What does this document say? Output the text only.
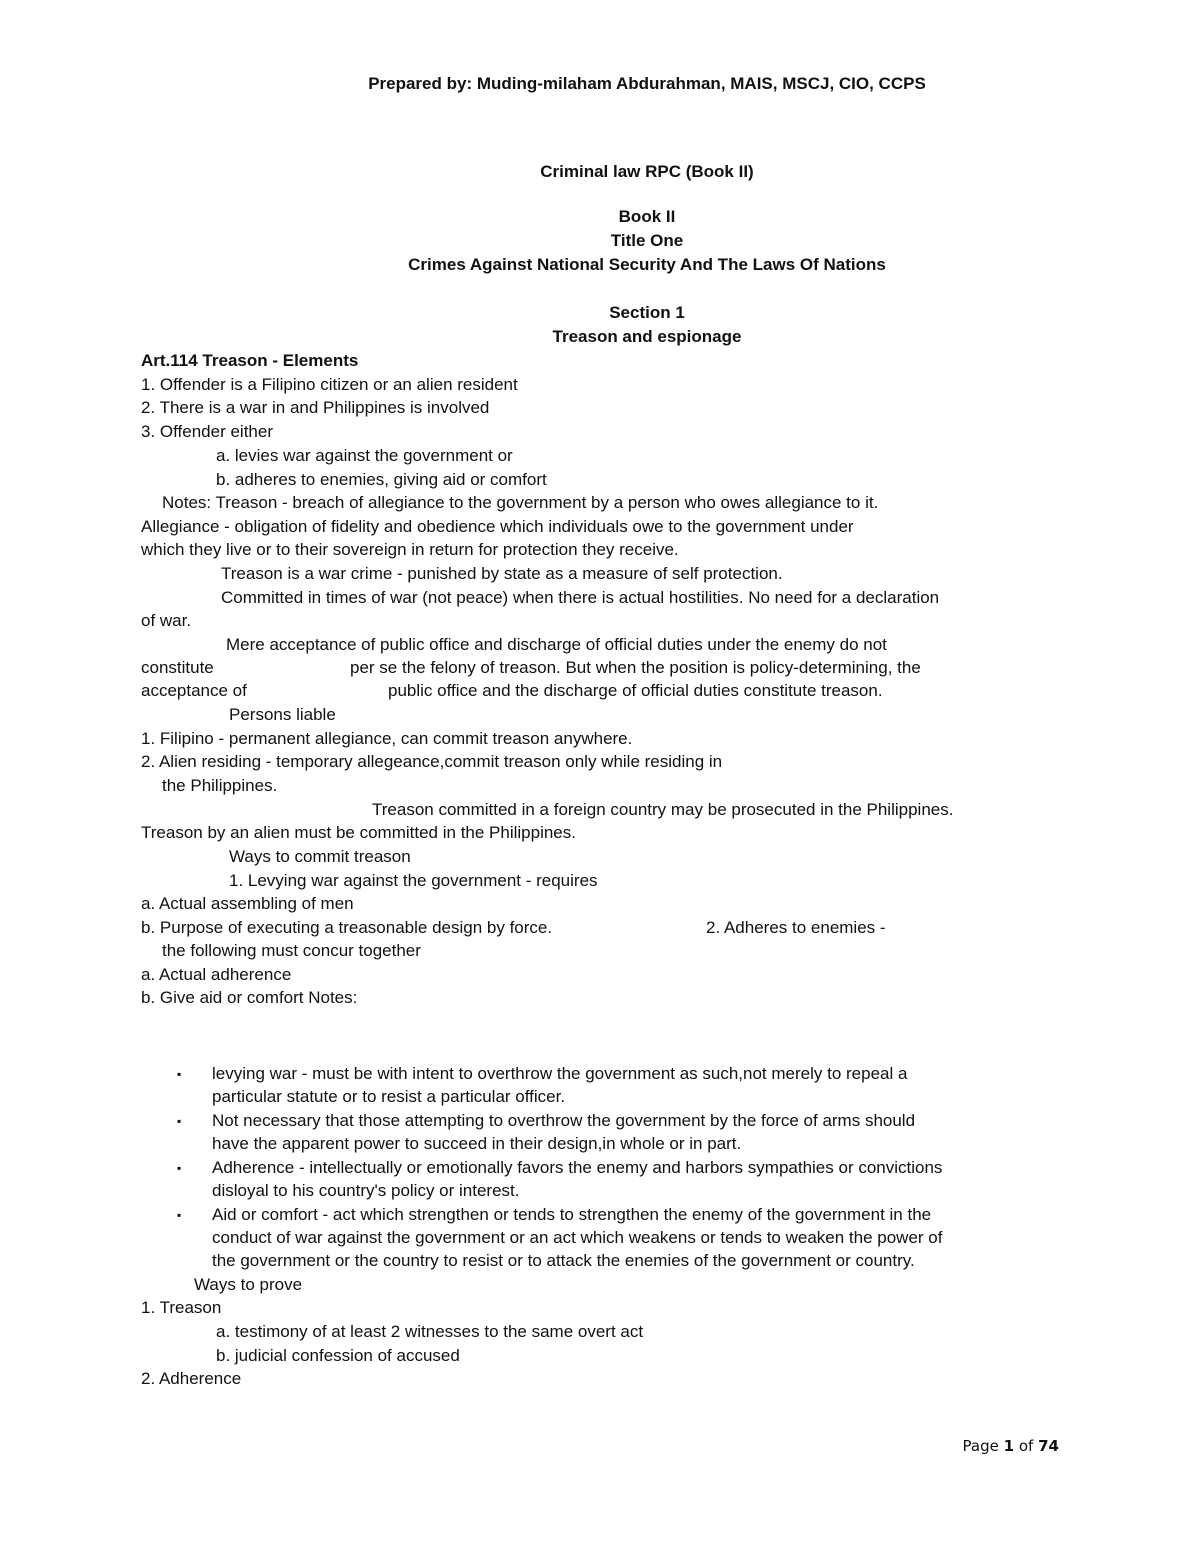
Prepared by: Muding-milaham Abdurahman, MAIS, MSCJ, CIO, CCPS
Criminal law RPC (Book II)
Book II
Title One
Crimes Against National Security And The Laws Of Nations
Section 1
Treason and espionage
Art.114 Treason - Elements
1. Offender is a Filipino citizen or an alien resident
2. There is a war in and Philippines is involved
3. Offender either
a. levies war against the government or
b. adheres to enemies, giving aid or comfort
Notes: Treason - breach of allegiance to the government by a person who owes allegiance to it.
Allegiance - obligation of fidelity and obedience which individuals owe to the government under
which they live or to their sovereign in return for protection they receive.
Treason is a war crime - punished by state as a measure of self protection.
Committed in times of war (not peace) when there is actual hostilities. No need for a declaration
of war.
Mere acceptance of public office and discharge of official duties under the enemy do not
constitute	per se the felony of treason. But when the position is policy-determining, the
acceptance of	public office and the discharge of official duties constitute treason.
Persons liable
1. Filipino - permanent allegiance, can commit treason anywhere.
2. Alien residing - temporary allegeance,commit treason only while residing in
the Philippines.
Treason committed in a foreign country may be prosecuted in the Philippines.
Treason by an alien must be committed in the Philippines.
Ways to commit treason
1. Levying war against the government - requires
a. Actual assembling of men
b. Purpose of executing a treasonable design by force.	2. Adheres to enemies -
the following must concur together
a. Actual adherence
b. Give aid or comfort Notes:
▪ levying war - must be with intent to overthrow the government as such,not merely to repeal a
particular statute or to resist a particular officer.
▪ Not necessary that those attempting to overthrow the government by the force of arms should
have the apparent power to succeed in their design,in whole or in part.
▪ Adherence - intellectually or emotionally favors the enemy and harbors sympathies or convictions
disloyal to his country's policy or interest.
▪ Aid or comfort - act which strengthen or tends to strengthen the enemy of the government in the
conduct of war against the government or an act which weakens or tends to weaken the power of
the government or the country to resist or to attack the enemies of the government or country.
Ways to prove
1. Treason
a. testimony of at least 2 witnesses to the same overt act
b. judicial confession of accused
2. Adherence
Page 1 of 74
